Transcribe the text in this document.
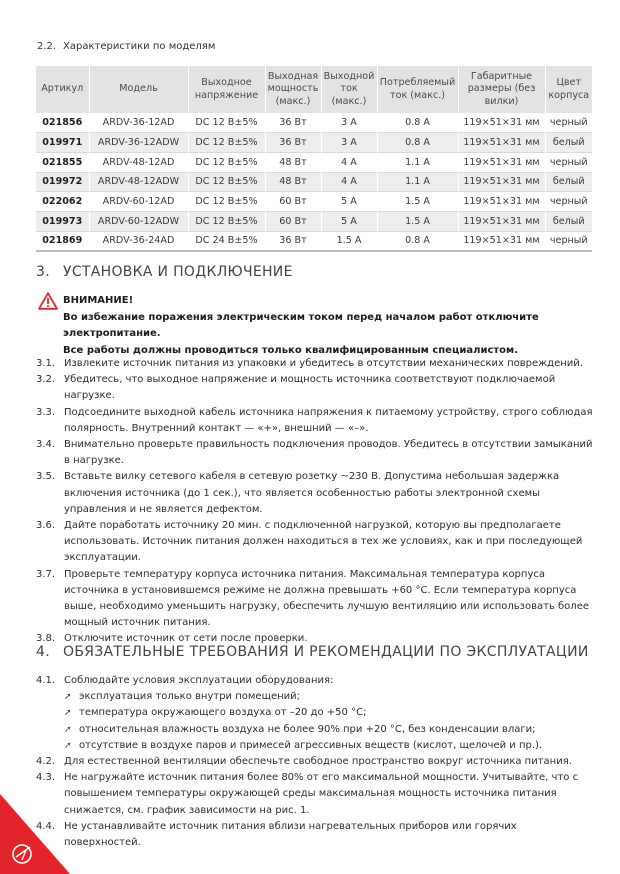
2.2. Характеристики по моделям
Артикул	Модель	Выходное напряжение	Выходная мощность (макс.)	Выходной ток (макс.)	Потребляемый ток (макс.)	Габаритные размеры (без вилки)	Цвет корпуса
021856	ARDV-36-12AD	DC 12 В±5%	36 Вт	3 А	0.8 А	119×51×31 мм	черный
019971	ARDV-36-12ADW	DC 12 В±5%	36 Вт	3 А	0.8 А	119×51×31 мм	белый
021855	ARDV-48-12AD	DC 12 В±5%	48 Вт	4 А	1.1 А	119×51×31 мм	черный
019972	ARDV-48-12ADW	DC 12 В±5%	48 Вт	4 А	1.1 А	119×51×31 мм	белый
022062	ARDV-60-12AD	DC 12 В±5%	60 Вт	5 А	1.5 А	119×51×31 мм	черный
019973	ARDV-60-12ADW	DC 12 В±5%	60 Вт	5 А	1.5 А	119×51×31 мм	белый
021869	ARDV-36-24AD	DC 24 В±5%	36 Вт	1.5 А	0.8 А	119×51×31 мм	черный
3. УСТАНОВКА И ПОДКЛЮЧЕНИЕ
ВНИМАНИЕ!
Во избежание поражения электрическим током перед началом работ отключите электропитание.
Все работы должны проводиться только квалифицированным специалистом.
3.1. Извлеките источник питания из упаковки и убедитесь в отсутствии механических повреждений.
3.2. Убедитесь, что выходное напряжение и мощность источника соответствуют подключаемой нагрузке.
3.3. Подсоедините выходной кабель источника напряжения к питаемому устройству, строго соблюдая полярность. Внутренний контакт — «+», внешний — «–».
3.4. Внимательно проверьте правильность подключения проводов. Убедитесь в отсутствии замыканий в нагрузке.
3.5. Вставьте вилку сетевого кабеля в сетевую розетку ~230 В. Допустима небольшая задержка включения источника (до 1 сек.), что является особенностью работы электронной схемы управления и не является дефектом.
3.6. Дайте поработать источнику 20 мин. с подключенной нагрузкой, которую вы предполагаете использовать. Источник питания должен находиться в тех же условиях, как и при последующей эксплуатации.
3.7. Проверьте температуру корпуса источника питания. Максимальная температура корпуса источника в установившемся режиме не должна превышать +60 °С. Если температура корпуса выше, необходимо уменьшить нагрузку, обеспечить лучшую вентиляцию или использовать более мощный источник питания.
3.8. Отключите источник от сети после проверки.
4. ОБЯЗАТЕЛЬНЫЕ ТРЕБОВАНИЯ И РЕКОМЕНДАЦИИ ПО ЭКСПЛУАТАЦИИ
4.1. Соблюдайте условия эксплуатации оборудования:
➚ эксплуатация только внутри помещений;
➚ температура окружающего воздуха от –20 до +50 °С;
➚ относительная влажность воздуха не более 90% при +20 °С, без конденсации влаги;
➚ отсутствие в воздухе паров и примесей агрессивных веществ (кислот, щелочей и пр.).
4.2. Для естественной вентиляции обеспечьте свободное пространство вокруг источника питания.
4.3. Не нагружайте источник питания более 80% от его максимальной мощности. Учитывайте, что с повышением температуры окружающей среды максимальная мощность источника питания снижается, см. график зависимости на рис. 1.
4.4. Не устанавливайте источник питания вблизи нагревательных приборов или горячих поверхностей.
